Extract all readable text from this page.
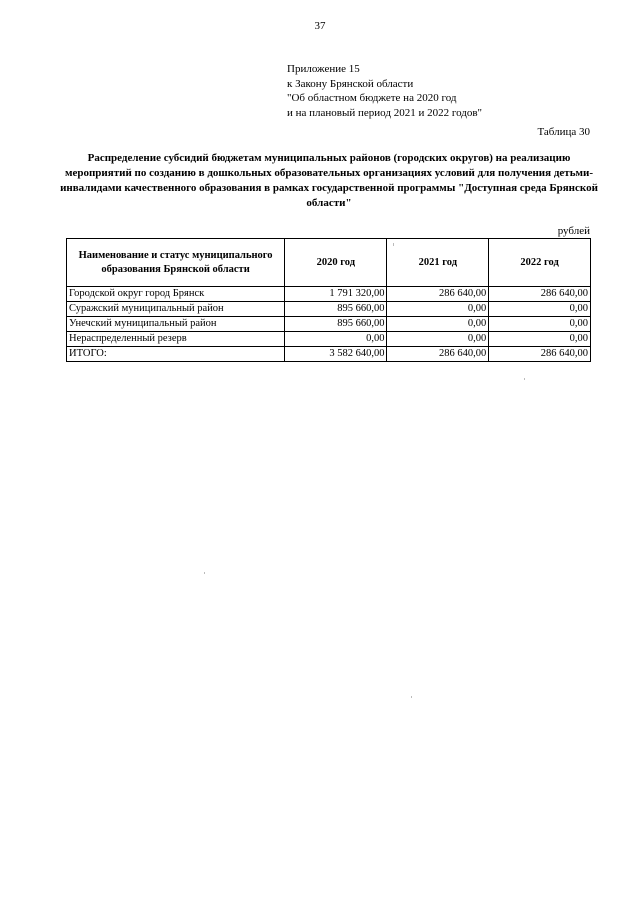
37
Приложение 15
к Закону Брянской области
"Об областном бюджете на 2020 год
и на плановый период 2021 и 2022 годов"
Таблица 30
Распределение субсидий бюджетам муниципальных районов (городских округов) на реализацию мероприятий по созданию в дошкольных образовательных организациях условий для получения детьми-инвалидами качественного образования в рамках государственной программы "Доступная среда Брянской области"
рублей
Наименование и статус муниципального образования Брянской области	2020 год	2021 год	2022 год
Городской округ город Брянск	1 791 320,00	286 640,00	286 640,00
Суражский муниципальный район	895 660,00	0,00	0,00
Унечский муниципальный район	895 660,00	0,00	0,00
Нераспределенный резерв	0,00	0,00	0,00
ИТОГО:	3 582 640,00	286 640,00	286 640,00
